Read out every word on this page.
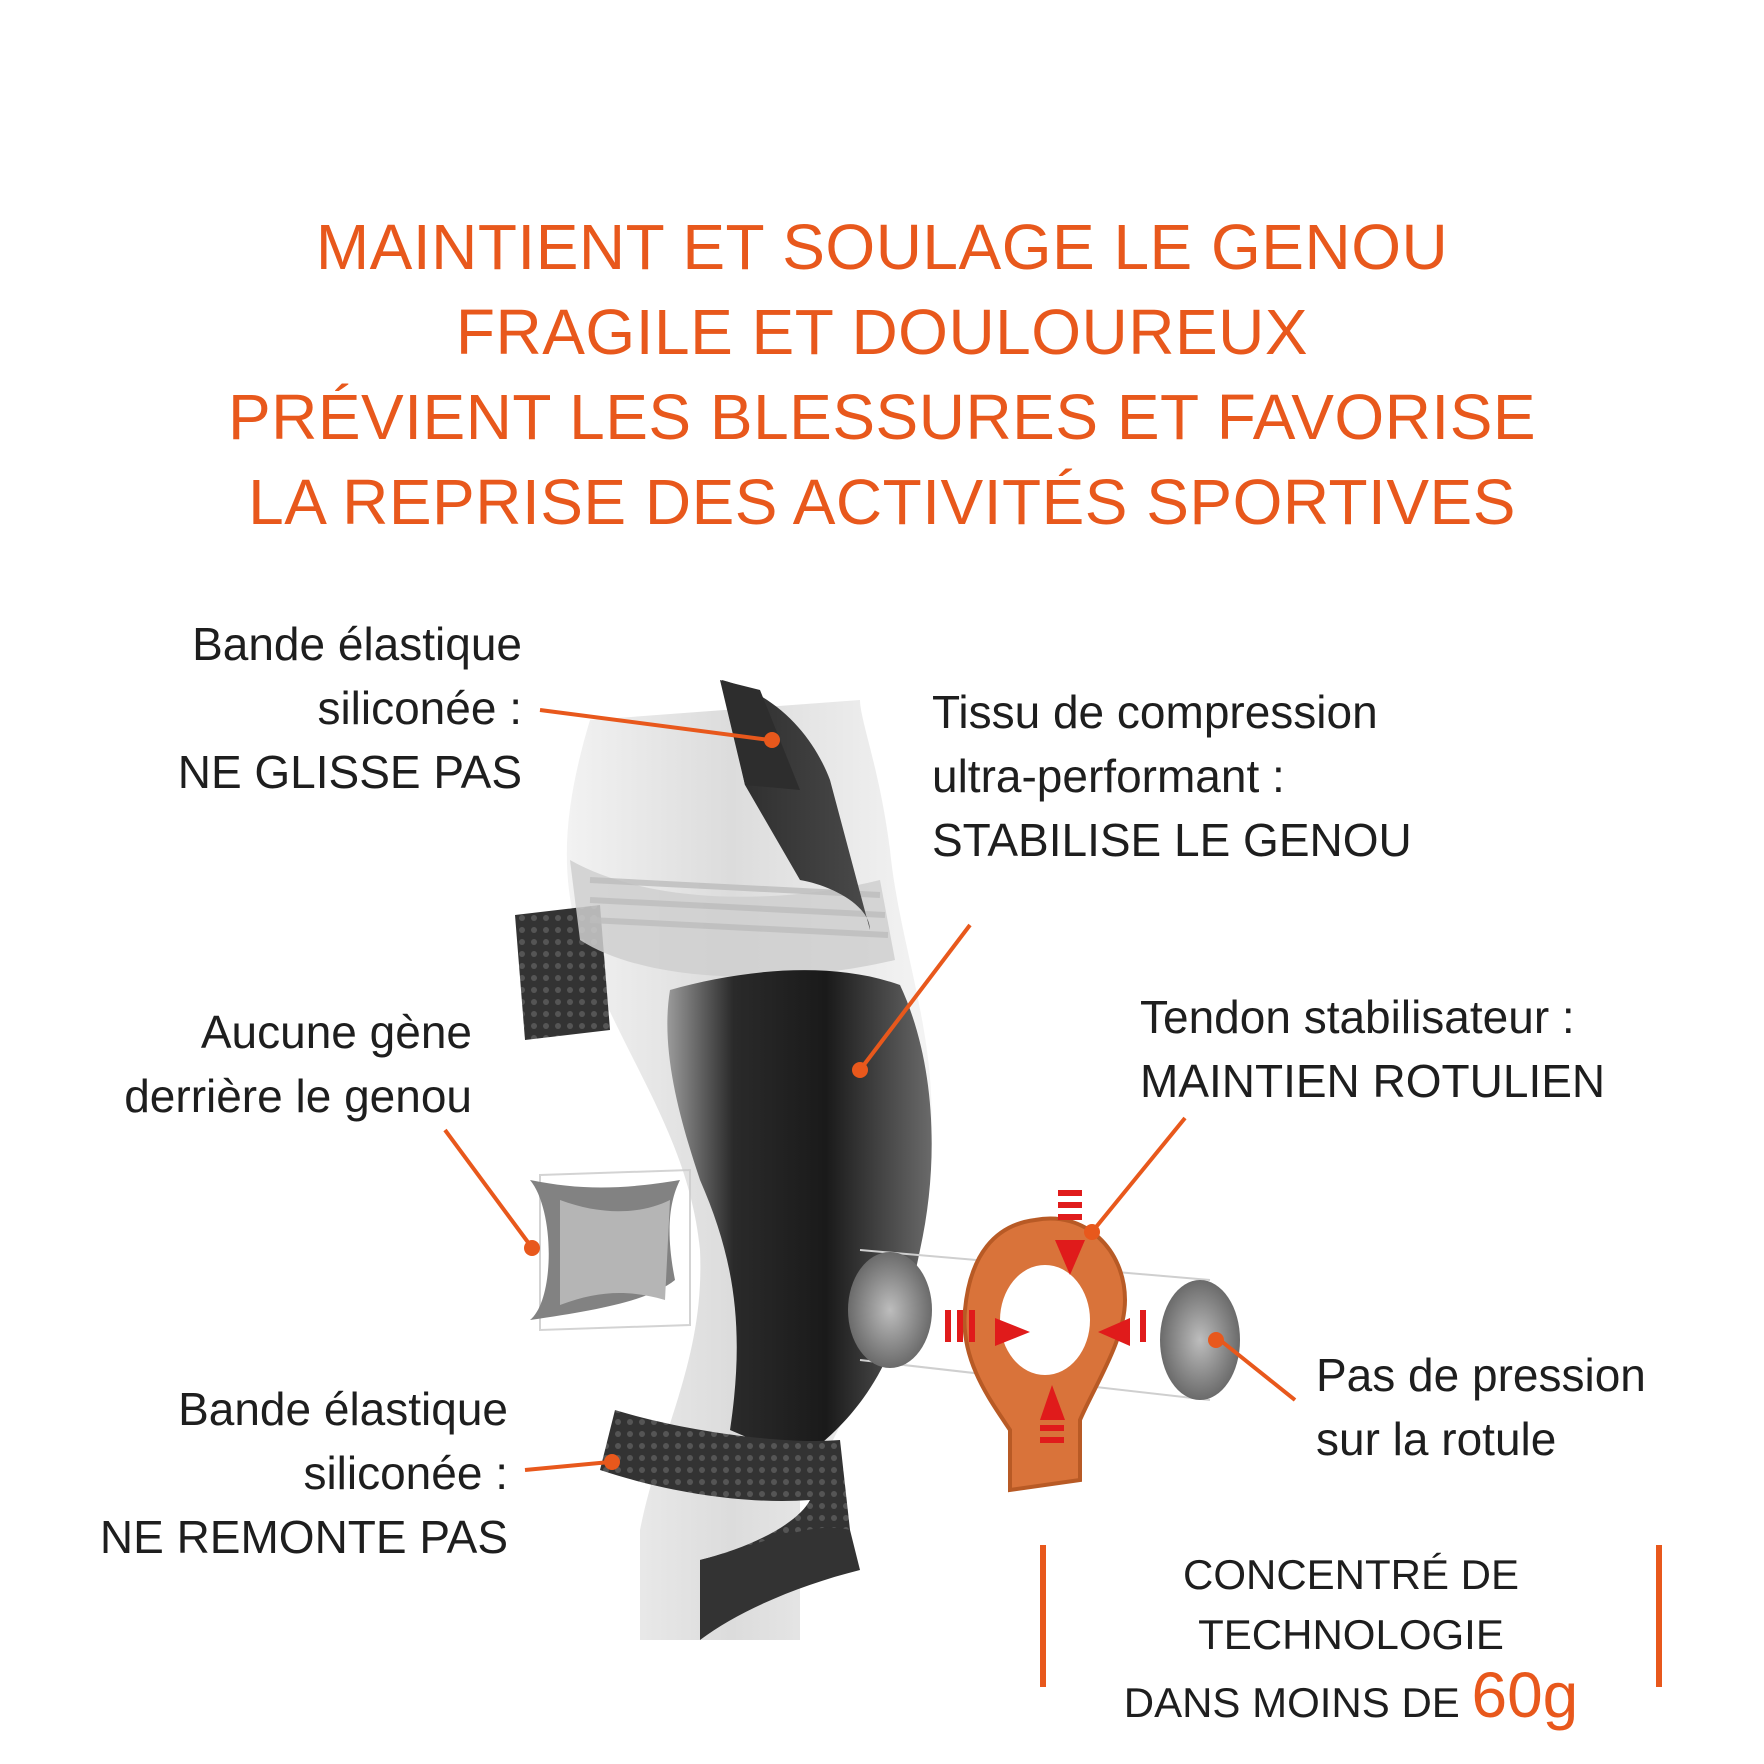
MAINTIENT ET SOULAGE LE GENOU
FRAGILE ET DOULOUREUX
PRÉVIENT LES BLESSURES ET FAVORISE
LA REPRISE DES ACTIVITÉS SPORTIVES
Bande élastique
siliconée :
NE GLISSE PAS
Tissu de compression
ultra-performant :
STABILISE LE GENOU
Aucune gène
derrière le genou
Tendon stabilisateur :
MAINTIEN ROTULIEN
Bande élastique
siliconée :
NE REMONTE PAS
Pas de pression
sur la rotule
CONCENTRÉ DE TECHNOLOGIE
DANS MOINS DE 60g
